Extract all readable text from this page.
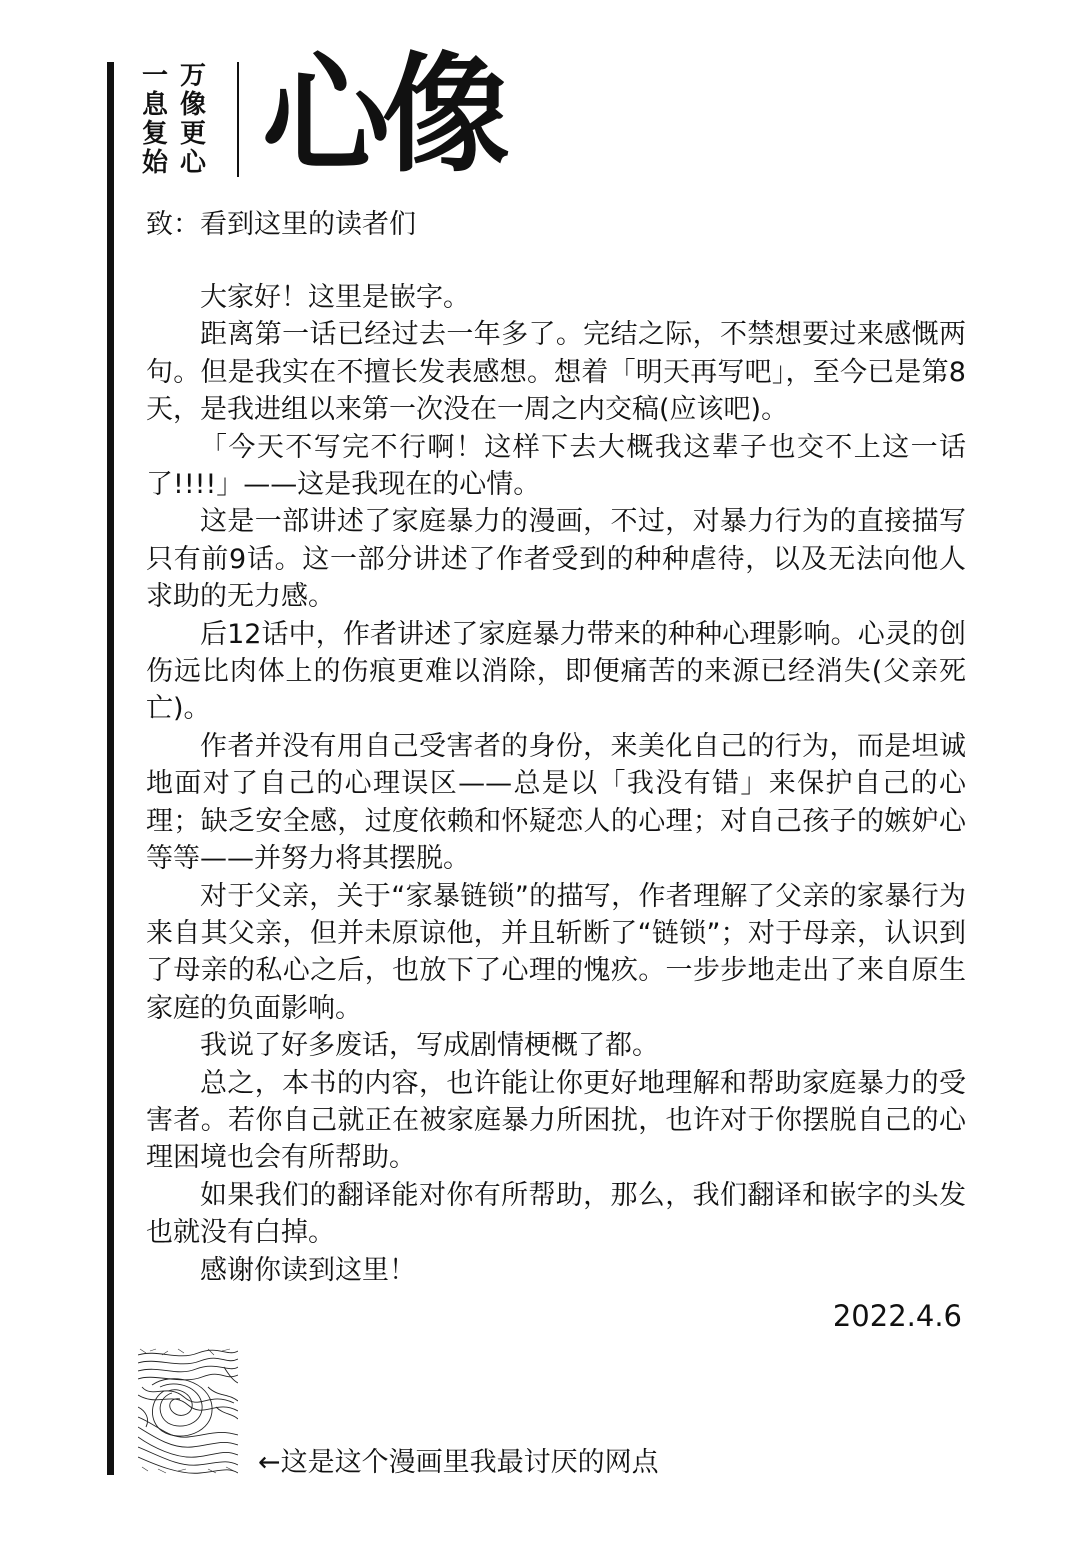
一 万
息 像
复 更
始 心 心像
致：看到这里的读者们

大家好！这里是嵌字。

距离第一话已经过去一年多了。完结之际，不禁想要过来感慨两句。但是我实在不擅长发表感想。想着「明天再写吧」，至今已是第8天，是我进组以来第一次没在一周之内交稿(应该吧)。

「今天不写完不行啊！这样下去大概我这辈子也交不上这一话了!!!!」——这是我现在的心情。

这是一部讲述了家庭暴力的漫画，不过，对暴力行为的直接描写只有前9话。这一部分讲述了作者受到的种种虐待，以及无法向他人求助的无力感。

后12话中，作者讲述了家庭暴力带来的种种心理影响。心灵的创伤远比肉体上的伤痕更难以消除，即便痛苦的来源已经消失(父亲死亡)。

作者并没有用自己受害者的身份，来美化自己的行为，而是坦诚地面对了自己的心理误区——总是以「我没有错」来保护自己的心理；缺乏安全感，过度依赖和怀疑恋人的心理；对自己孩子的嫉妒心等等——并努力将其摆脱。

对于父亲，关于“家暴链锁”的描写，作者理解了父亲的家暴行为来自其父亲，但并未原谅他，并且斩断了“链锁”；对于母亲，认识到了母亲的私心之后，也放下了心理的愧疚。一步步地走出了来自原生家庭的负面影响。

我说了好多废话，写成剧情梗概了都。

总之，本书的内容，也许能让你更好地理解和帮助家庭暴力的受害者。若你自己就正在被家庭暴力所困扰，也许对于你摆脱自己的心理困境也会有所帮助。

如果我们的翻译能对你有所帮助，那么，我们翻译和嵌字的头发也就没有白掉。

感谢你读到这里！

2022.4.6
←这是这个漫画里我最讨厌的网点
